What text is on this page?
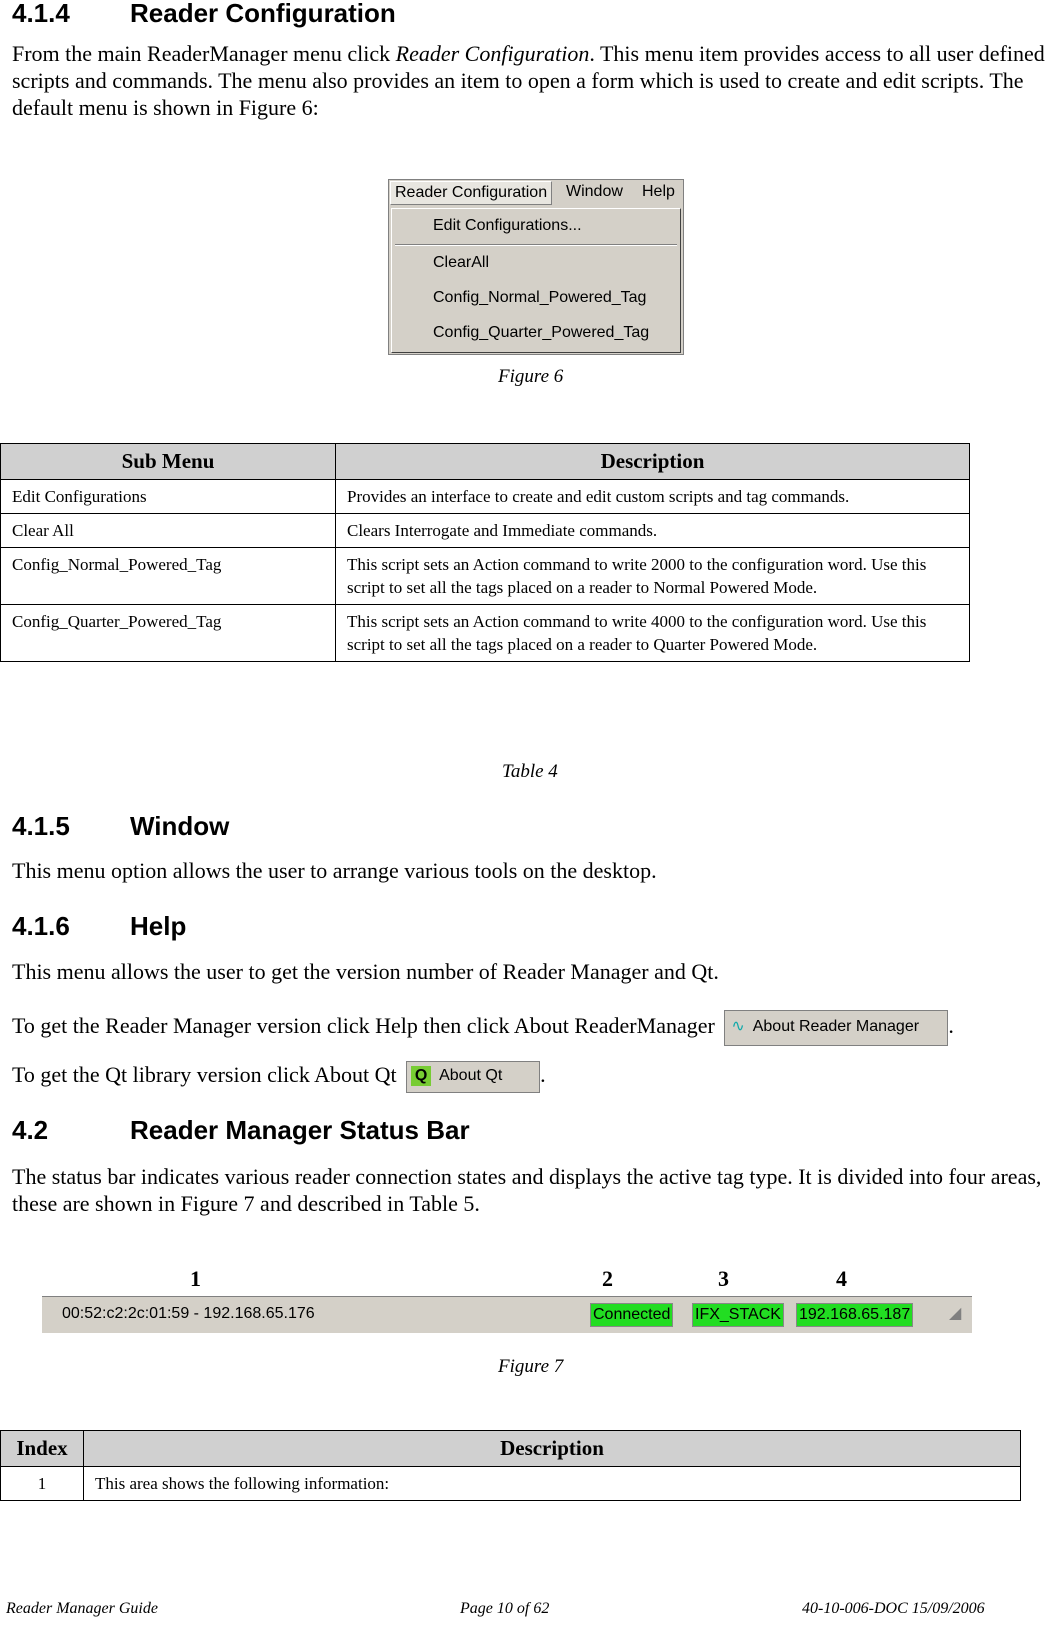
4.1.4 Reader Configuration
From the main ReaderManager menu click Reader Configuration. This menu item provides access to all user defined scripts and commands. The menu also provides an item to open a form which is used to create and edit scripts. The default menu is shown in Figure 6:
Reader Configuration	Window Help
Edit Configurations...
ClearAll
Config_Normal_Powered_Tag
Config_Quarter_Powered_Tag
Figure 6
Sub Menu	Description
Edit Configurations	Provides an interface to create and edit custom scripts and tag commands.
Clear All	Clears Interrogate and Immediate commands.
Config_Normal_Powered_Tag	This script sets an Action command to write 2000 to the configuration word. Use this script to set all the tags placed on a reader to Normal Powered Mode.
Config_Quarter_Powered_Tag	This script sets an Action command to write 4000 to the configuration word. Use this script to set all the tags placed on a reader to Quarter Powered Mode.
Table 4
4.1.5 Window
This menu option allows the user to arrange various tools on the desktop.
4.1.6 Help
This menu allows the user to get the version number of Reader Manager and Qt.
To get the Reader Manager version click Help then click About ReaderManager ∿ About Reader Manager .
To get the Qt library version click About Qt Q About Qt .
4.2	Reader Manager Status Bar
The status bar indicates various reader connection states and displays the active tag type. It is divided into four areas, these are shown in Figure 7 and described in Table 5.
1	2	3	4
00:52:c2:2c:01:59 - 192.168.65.176	Connected IFX_STACK 192.168.65.187 ◢
Figure 7
Index	Description
1	This area shows the following information:
Reader Manager Guide	Page 10 of 62	40-10-006-DOC 15/09/2006
